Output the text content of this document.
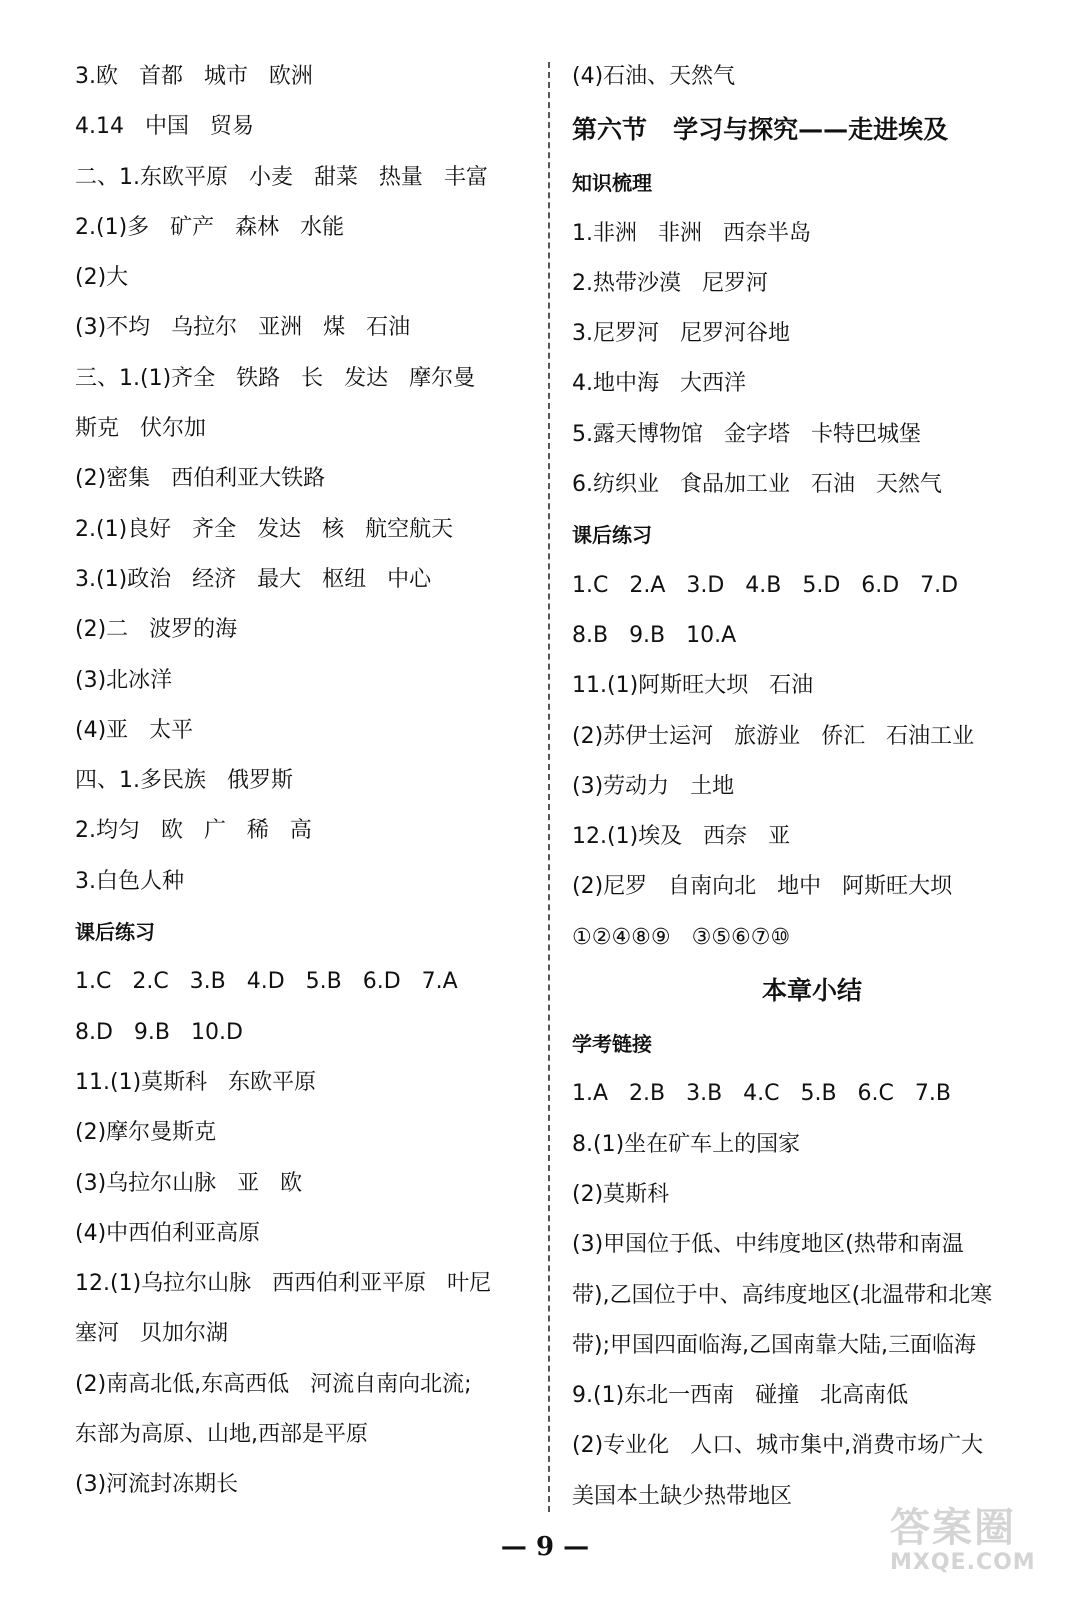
3.欧   首都   城市   欧洲
4.14   中国   贸易
二、1.东欧平原   小麦   甜菜   热量   丰富
2.(1)多   矿产   森林   水能
(2)大
(3)不均   乌拉尔   亚洲   煤   石油
三、1.(1)齐全   铁路   长   发达   摩尔曼
斯克   伏尔加
(2)密集   西伯利亚大铁路
2.(1)良好   齐全   发达   核   航空航天
3.(1)政治   经济   最大   枢纽   中心
(2)二   波罗的海
(3)北冰洋
(4)亚   太平
四、1.多民族   俄罗斯
2.均匀   欧   广   稀   高
3.白色人种
课后练习
1.C   2.C   3.B   4.D   5.B   6.D   7.A
8.D   9.B   10.D
11.(1)莫斯科   东欧平原
(2)摩尔曼斯克
(3)乌拉尔山脉   亚   欧
(4)中西伯利亚高原
12.(1)乌拉尔山脉   西西伯利亚平原   叶尼
塞河   贝加尔湖
(2)南高北低,东高西低   河流自南向北流;
东部为高原、山地,西部是平原
(3)河流封冻期长
(4)石油、天然气
第六节   学习与探究——走进埃及
知识梳理
1.非洲   非洲   西奈半岛
2.热带沙漠   尼罗河
3.尼罗河   尼罗河谷地
4.地中海   大西洋
5.露天博物馆   金字塔   卡特巴城堡
6.纺织业   食品加工业   石油   天然气
课后练习
1.C   2.A   3.D   4.B   5.D   6.D   7.D
8.B   9.B   10.A
11.(1)阿斯旺大坝   石油
(2)苏伊士运河   旅游业   侨汇   石油工业
(3)劳动力   土地
12.(1)埃及   西奈   亚
(2)尼罗   自南向北   地中   阿斯旺大坝
①②④⑧⑨   ③⑤⑥⑦⑩
本章小结
学考链接
1.A   2.B   3.B   4.C   5.B   6.C   7.B
8.(1)坐在矿车上的国家
(2)莫斯科
(3)甲国位于低、中纬度地区(热带和南温
带),乙国位于中、高纬度地区(北温带和北寒
带);甲国四面临海,乙国南靠大陆,三面临海
9.(1)东北一西南   碰撞   北高南低
(2)专业化   人口、城市集中,消费市场广大
美国本土缺少热带地区
— 9 —	答案圈
MXQE.COM
